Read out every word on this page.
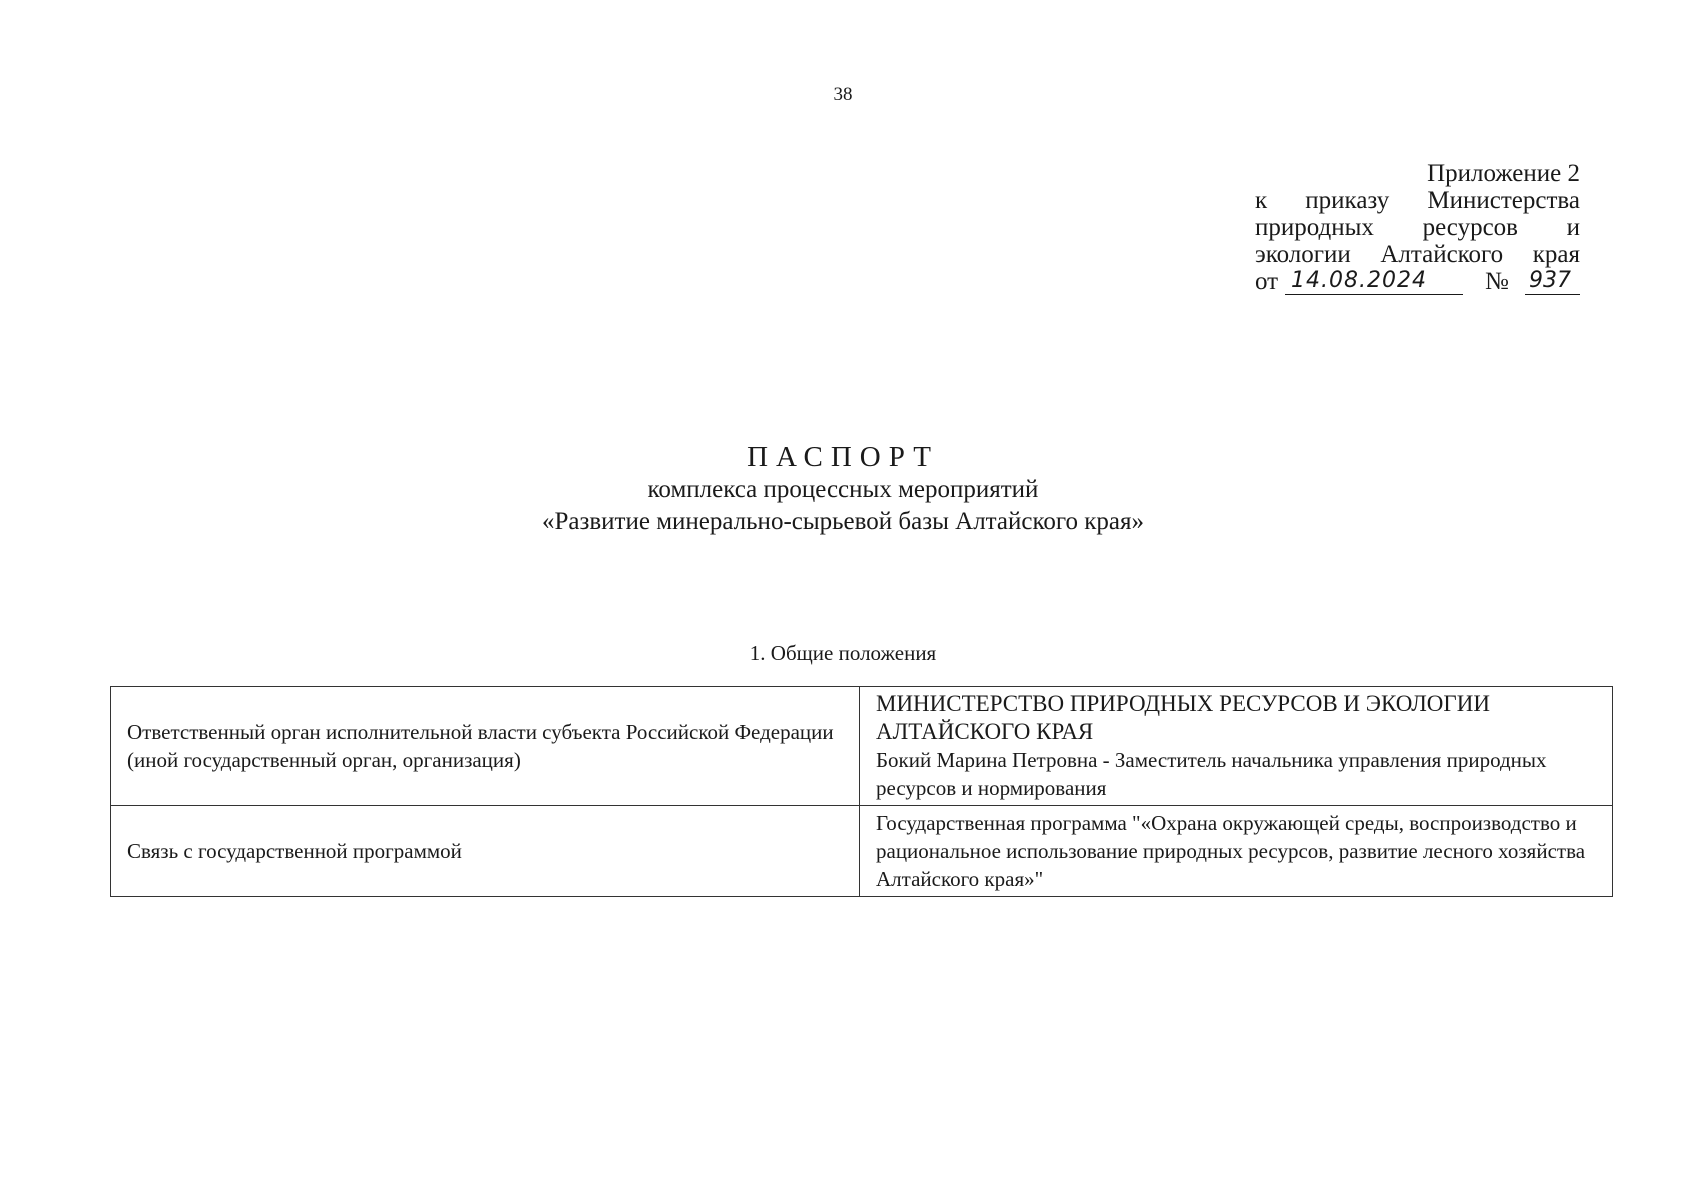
38
Приложение 2
к приказу Министерства
природных ресурсов и
экологии Алтайского края
от 14.08.2024	№ 937
ПАСПОРТ
комплекса процессных мероприятий
«Развитие минерально-сырьевой базы Алтайского края»
1. Общие положения
Ответственный орган исполнительной власти субъекта Российской Федерации (иной государственный орган, организация)	МИНИСТЕРСТВО ПРИРОДНЫХ РЕСУРСОВ И ЭКОЛОГИИ АЛТАЙСКОГО КРАЯ
Бокий Марина Петровна - Заместитель начальника управления природных ресурсов и нормирования

Связь с государственной программой	Государственная программа "«Охрана окружающей среды, воспроизводство и рациональное использование природных ресурсов, развитие лесного хозяйства Алтайского края»"
